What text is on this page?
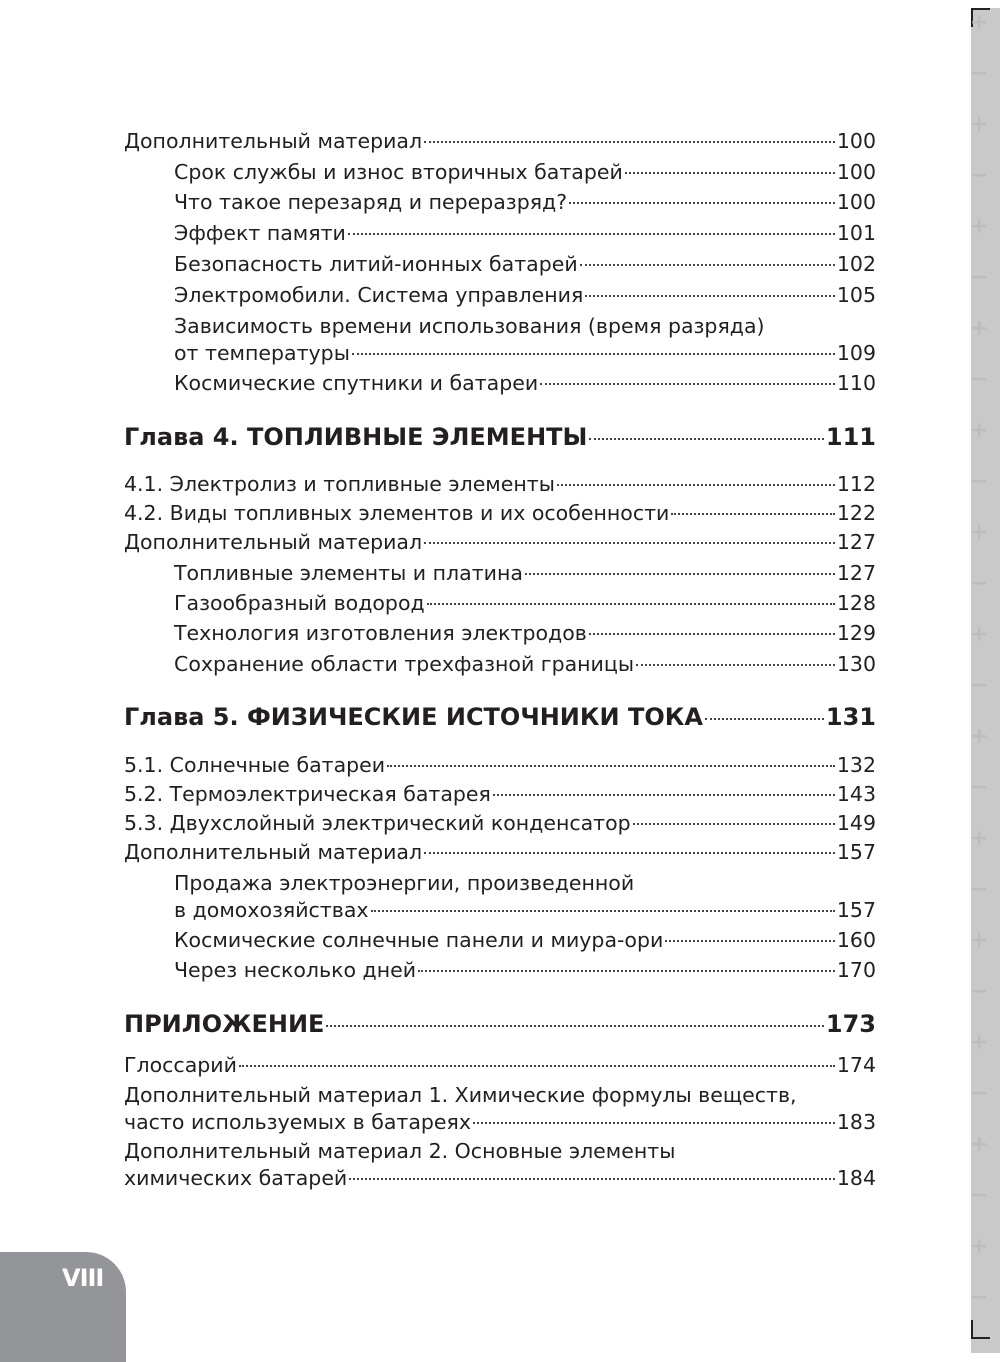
+
−
+
−
+
−
+
−
+
−
+
−
+
−
+
−
+
−
+
−
+
−
+
−
+
−
Дополнительный материал	100
Срок службы и износ вторичных батарей	100
Что такое перезаряд и переразряд?	100
Эффект памяти	101
Безопасность литий-ионных батарей	102
Электромобили. Система управления	105
Зависимость времени использования (время разряда)
от температуры	109
Космические спутники и батареи	110
Глава 4. ТОПЛИВНЫЕ ЭЛЕМЕНТЫ	111
4.1. Электролиз и топливные элементы	112
4.2. Виды топливных элементов и их особенности	122
Дополнительный материал	127
Топливные элементы и платина	127
Газообразный водород	128
Технология изготовления электродов	129
Сохранение области трехфазной границы	130
Глава 5. ФИЗИЧЕСКИЕ ИСТОЧНИКИ ТОКА	131
5.1. Солнечные батареи	132
5.2. Термоэлектрическая батарея	143
5.3. Двухслойный электрический конденсатор	149
Дополнительный материал	157
Продажа электроэнергии, произведенной
в домохозяйствах	157
Космические солнечные панели и миура-ори	160
Через несколько дней	170
ПРИЛОЖЕНИЕ	173
Глоссарий	174
Дополнительный материал 1. Химические формулы веществ,
часто используемых в батареях	183
Дополнительный материал 2. Основные элементы
химических батарей	184
VIII
